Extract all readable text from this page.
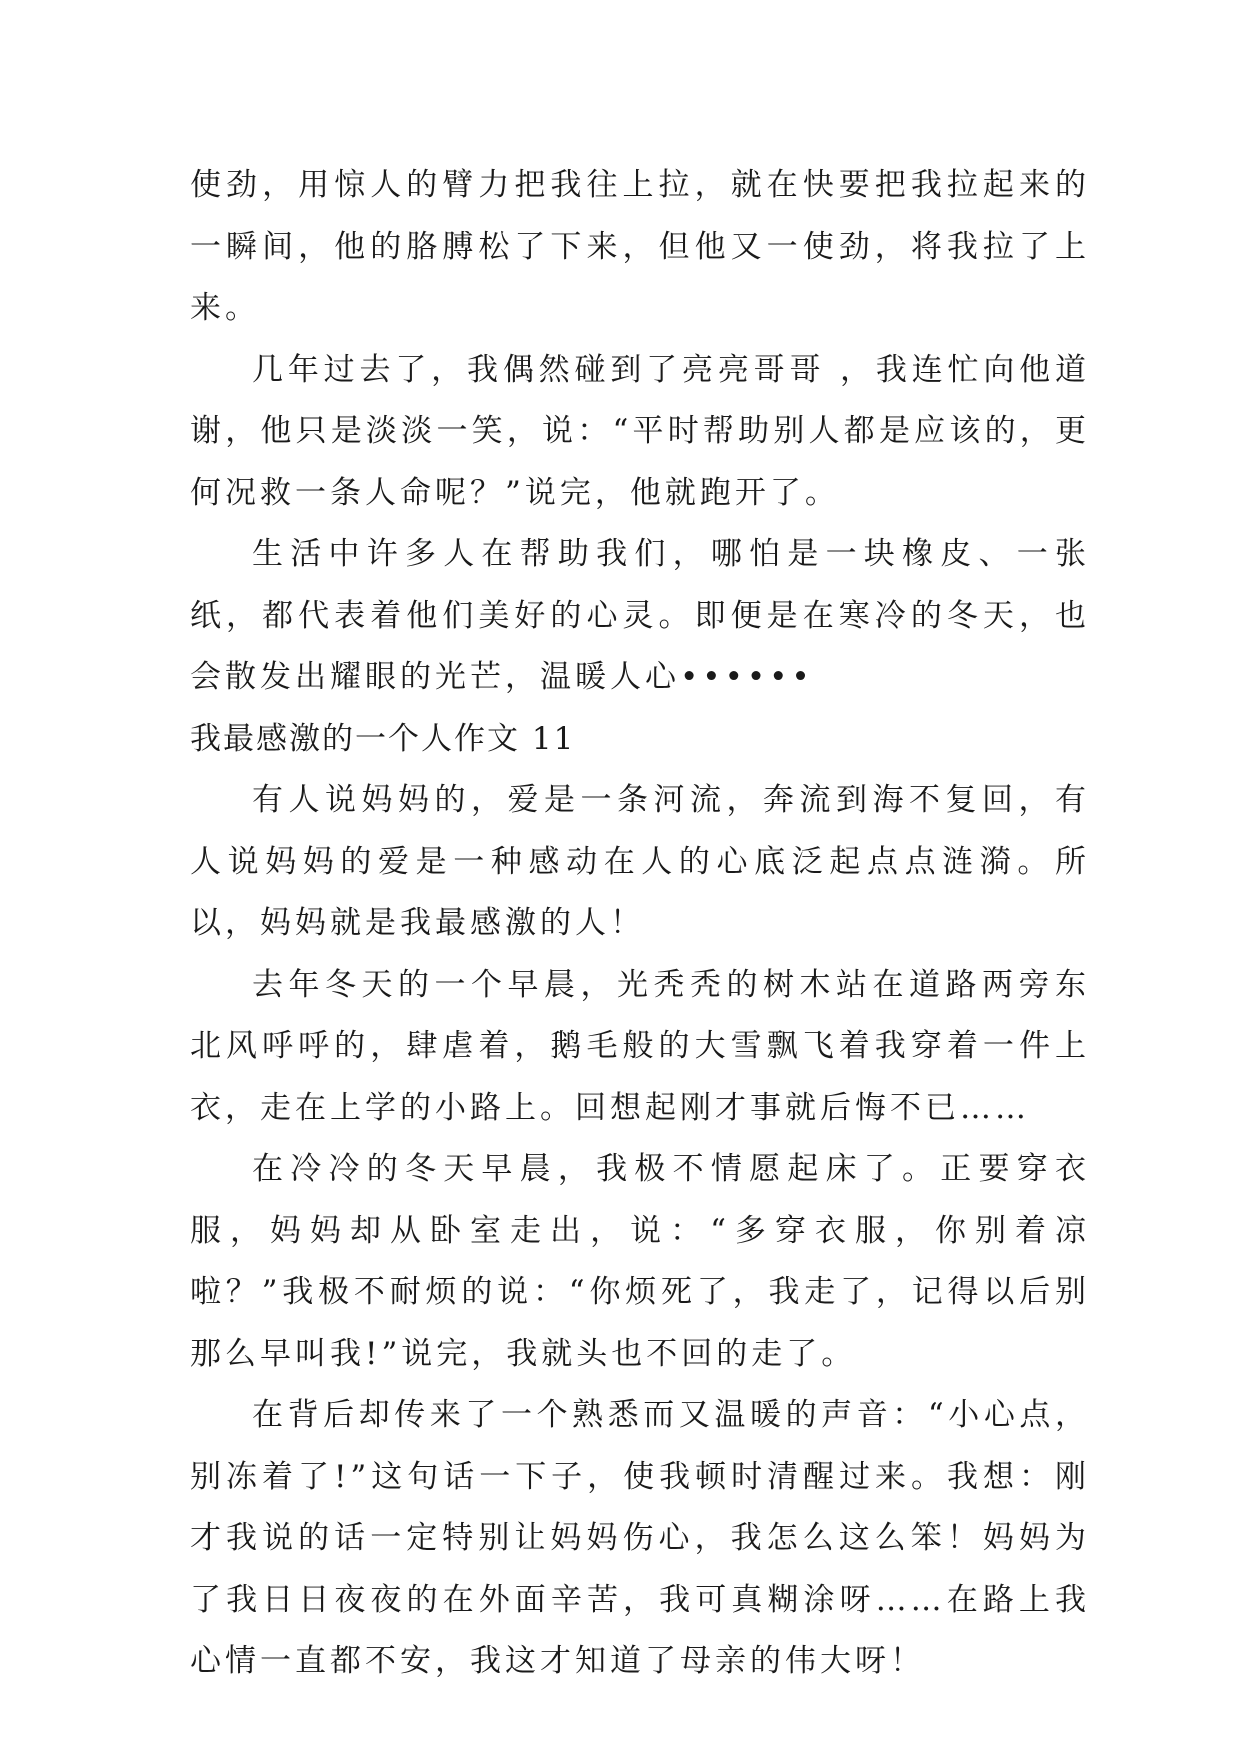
使劲，用惊人的臂力把我往上拉，就在快要把我拉起来的一瞬间，他的胳膊松了下来，但他又一使劲，将我拉了上来。

几年过去了，我偶然碰到了亮亮哥哥 ，我连忙向他道谢，他只是淡淡一笑，说：“平时帮助别人都是应该的，更何况救一条人命呢？”说完，他就跑开了。

生活中许多人在帮助我们，哪怕是一块橡皮、一张纸，都代表着他们美好的心灵。即便是在寒冷的冬天，也会散发出耀眼的光芒，温暖人心••••••

我最感激的一个人作文 11

有人说妈妈的，爱是一条河流，奔流到海不复回，有人说妈妈的爱是一种感动在人的心底泛起点点涟漪。所以，妈妈就是我最感激的人！

去年冬天的一个早晨，光秃秃的树木站在道路两旁东北风呼呼的，肆虐着，鹅毛般的大雪飘飞着我穿着一件上衣，走在上学的小路上。回想起刚才事就后悔不已……

在冷冷的冬天早晨，我极不情愿起床了。正要穿衣服，妈妈却从卧室走出，说：“多穿衣服，你别着凉啦？”我极不耐烦的说：“你烦死了，我走了，记得以后别那么早叫我!”说完，我就头也不回的走了。

在背后却传来了一个熟悉而又温暖的声音：“小心点，别冻着了!”这句话一下子，使我顿时清醒过来。我想：刚才我说的话一定特别让妈妈伤心，我怎么这么笨！妈妈为了我日日夜夜的在外面辛苦，我可真糊涂呀……在路上我心情一直都不安，我这才知道了母亲的伟大呀！
